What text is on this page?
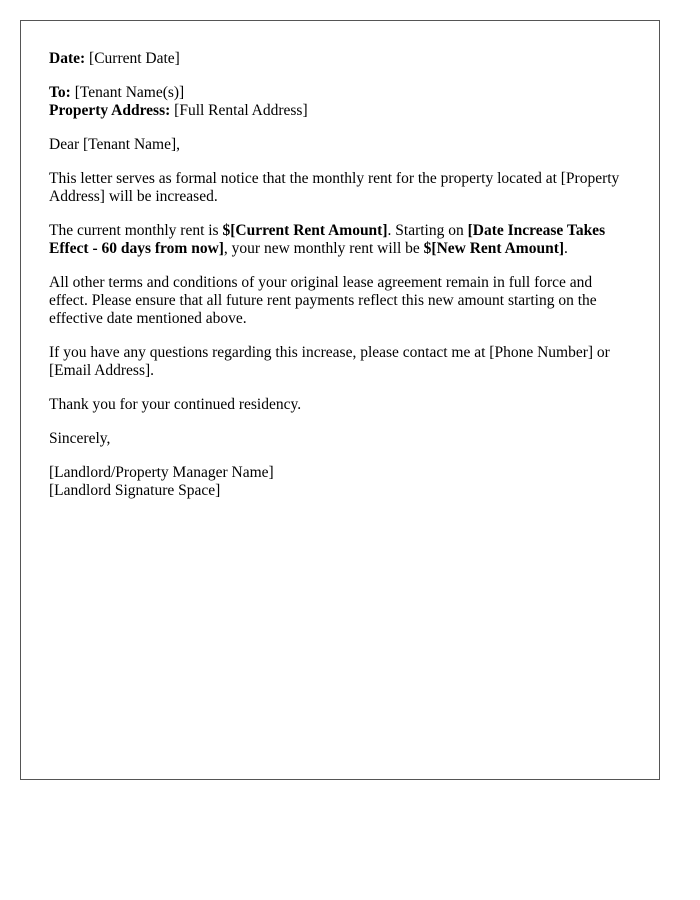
Date: [Current Date]

To: [Tenant Name(s)]

Property Address: [Full Rental Address]

Dear [Tenant Name],

This letter serves as formal notice that the monthly rent for the property located at [Property Address] will be increased.

The current monthly rent is $[Current Rent Amount]. Starting on [Date Increase Takes Effect - 60 days from now], your new monthly rent will be $[New Rent Amount].

All other terms and conditions of your original lease agreement remain in full force and effect. Please ensure that all future rent payments reflect this new amount starting on the effective date mentioned above.

If you have any questions regarding this increase, please contact me at [Phone Number] or [Email Address].

Thank you for your continued residency.

Sincerely,

[Landlord/Property Manager Name]

[Landlord Signature Space]
